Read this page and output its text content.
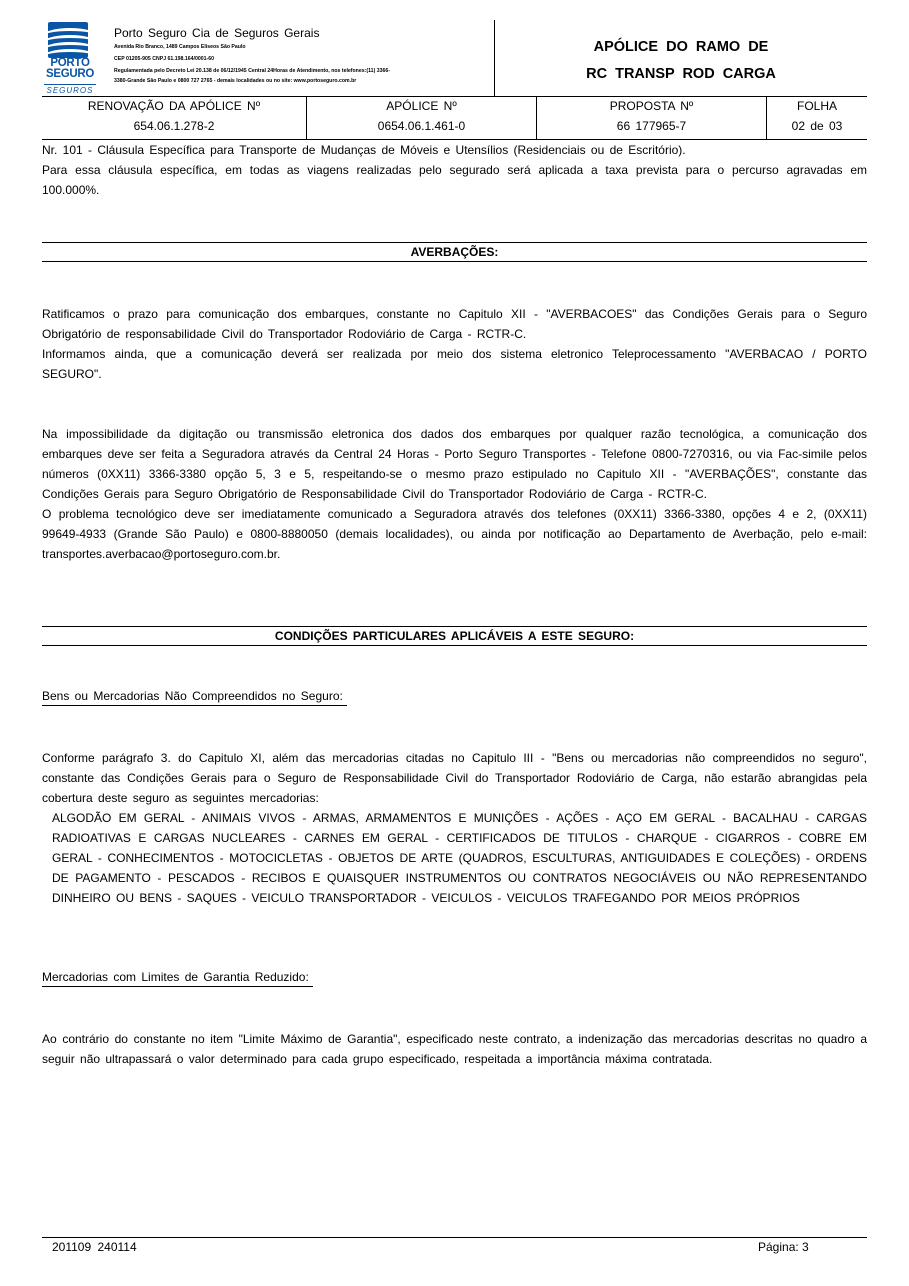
PORTO
SEGURO
SEGUROS
Porto Seguro Cia de Seguros Gerais
Avenida Rio Branco, 1489 Campos Eliseos São Paulo
CEP 01205-905 CNPJ 61.198.164/0001-60
Regulamentada pelo Decreto Lei 20.138 de 06/12/1945 Central 24Horas de Atendimento, nos telefones:(11) 3366-
3380-Grande São Paulo e 0800 727 2765 - demais localidades ou no site: www.portoseguro.com.br
APÓLICE DO RAMO DE
RC TRANSP ROD CARGA
RENOVAÇÃO DA APÓLICE Nº
654.06.1.278-2
APÓLICE Nº
0654.06.1.461-0
PROPOSTA Nº
66 177965-7
FOLHA
02 de 03

Nr. 101 - Cláusula Específica para Transporte de Mudanças de Móveis e Utensílios (Residenciais ou de Escritório).

Para essa cláusula específica, em todas as viagens realizadas pelo segurado será aplicada a taxa prevista para o percurso agravadas em 100.000%.

AVERBAÇÕES:

Ratificamos o prazo para comunicação dos embarques, constante no Capitulo XII - "AVERBACOES" das Condições Gerais para o Seguro Obrigatório de responsabilidade Civil do Transportador Rodoviário de Carga - RCTR-C.

Informamos ainda, que a comunicação deverá ser realizada por meio dos sistema eletronico Teleprocessamento "AVERBACAO / PORTO SEGURO".

Na impossibilidade da digitação ou transmissão eletronica dos dados dos embarques por qualquer razão tecnológica, a comunicação dos embarques deve ser feita a Seguradora através da Central 24 Horas - Porto Seguro Transportes - Telefone 0800-7270316, ou via Fac-simile pelos números (0XX11) 3366-3380 opção 5, 3 e 5, respeitando-se o mesmo prazo estipulado no Capitulo XII - "AVERBAÇÕES", constante das Condições Gerais para Seguro Obrigatório de Responsabilidade Civil do Transportador Rodoviário de Carga - RCTR-C.

O problema tecnológico deve ser imediatamente comunicado a Seguradora através dos telefones (0XX11) 3366-3380, opções 4 e 2, (0XX11) 99649-4933 (Grande São Paulo) e 0800-8880050 (demais localidades), ou ainda por notificação ao Departamento de Averbação, pelo e-mail: transportes.averbacao@portoseguro.com.br.

CONDIÇÕES PARTICULARES APLICÁVEIS A ESTE SEGURO:
Bens ou Mercadorias Não Compreendidos no Seguro:

Conforme parágrafo 3. do Capitulo XI, além das mercadorias citadas no Capitulo III - "Bens ou mercadorias não compreendidos no seguro", constante das Condições Gerais para o Seguro de Responsabilidade Civil do Transportador Rodoviário de Carga, não estarão abrangidas pela cobertura deste seguro as seguintes mercadorias:

ALGODÃO EM GERAL - ANIMAIS VIVOS - ARMAS, ARMAMENTOS E MUNIÇÕES - AÇÕES - AÇO EM GERAL - BACALHAU - CARGAS RADIOATIVAS E CARGAS NUCLEARES - CARNES EM GERAL - CERTIFICADOS DE TITULOS - CHARQUE - CIGARROS - COBRE EM GERAL - CONHECIMENTOS - MOTOCICLETAS - OBJETOS DE ARTE (QUADROS, ESCULTURAS, ANTIGUIDADES E COLEÇÕES) - ORDENS DE PAGAMENTO - PESCADOS - RECIBOS E QUAISQUER INSTRUMENTOS OU CONTRATOS NEGOCIÁVEIS OU NÃO REPRESENTANDO DINHEIRO OU BENS - SAQUES - VEICULO TRANSPORTADOR - VEICULOS - VEICULOS TRAFEGANDO POR MEIOS PRÓPRIOS

Mercadorias com Limites de Garantia Reduzido:

Ao contrário do constante no item "Limite Máximo de Garantia", especificado neste contrato, a indenização das mercadorias descritas no quadro a seguir não ultrapassará o valor determinado para cada grupo especificado, respeitada a importância máxima contratada.

201109 240114	Página: 3
